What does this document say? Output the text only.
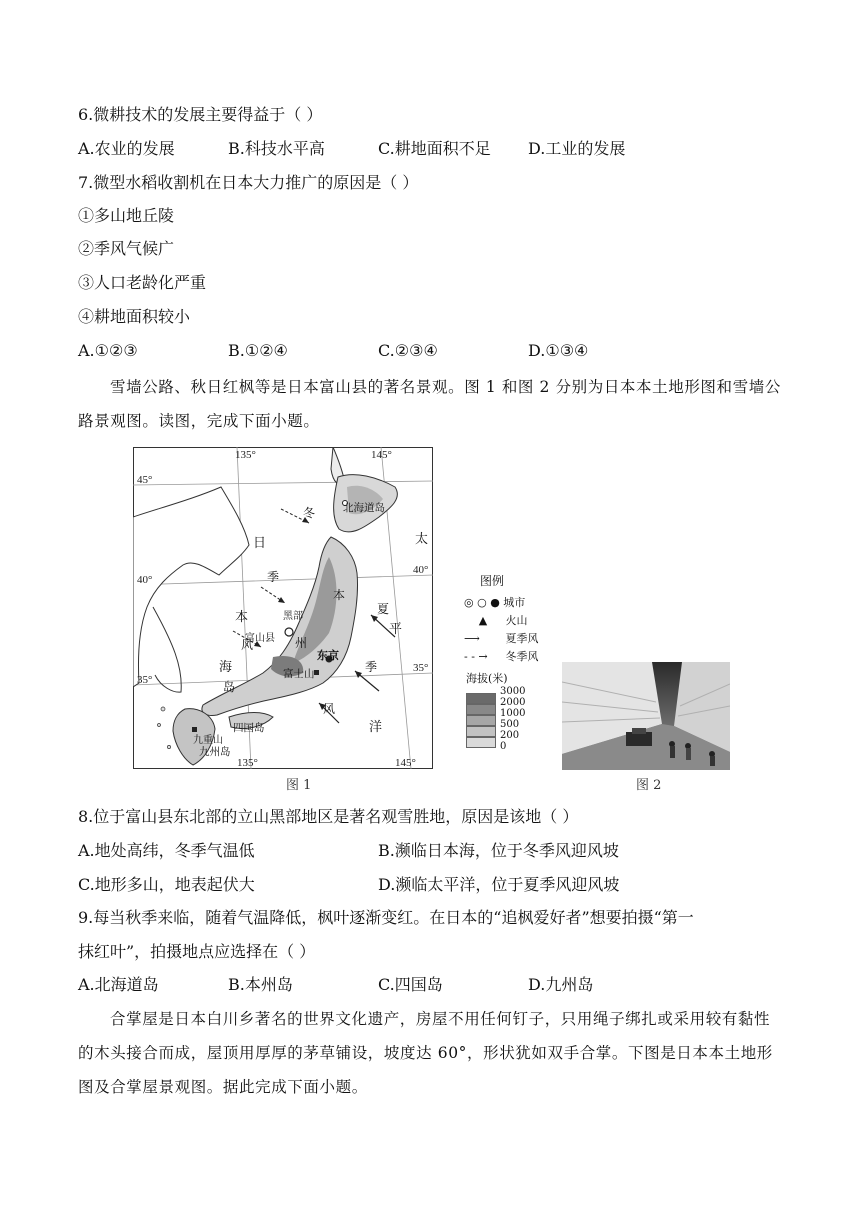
6.微耕技术的发展主要得益于（ ）
A.农业的发展	B.科技水平高	C.耕地面积不足 D.工业的发展
7.微型水稻收割机在日本大力推广的原因是（ ）
①多山地丘陵
②季风气候广
③人口老龄化严重
④耕地面积较小
A.①②③	B.①②④	C.②③④	D.①③④
雪墙公路、秋日红枫等是日本富山县的著名景观。图 1 和图 2 分别为日本本土地形图和雪墙公路景观图。读图，完成下面小题。
135°	145°
135°	145°
45°
40°
40°
35°
35°
日
本
海
太
平
洋
冬
季
风
夏
季
风
北海道岛
本
州
岛
四国岛
九州岛
九重山
富山县
黑部
东京
富士山
图例
◎ ○ ● 城市
▲ 火山
⟶ 夏季风
- - → 冬季风
海拔(米)
3000
2000
1000
500
200
0
图 1	图 2
8.位于富山县东北部的立山黑部地区是著名观雪胜地，原因是该地（ ）
A.地处高纬，冬季气温低	B.濒临日本海，位于冬季风迎风坡
C.地形多山，地表起伏大	D.濒临太平洋，位于夏季风迎风坡
9.每当秋季来临，随着气温降低，枫叶逐渐变红。在日本的“追枫爱好者”想要拍摄“第一
抹红叶”，拍摄地点应选择在（ ）
A.北海道岛	B.本州岛	C.四国岛	D.九州岛
合掌屋是日本白川乡著名的世界文化遗产，房屋不用任何钉子，只用绳子绑扎或采用较有黏性的木头接合而成，屋顶用厚厚的茅草铺设，坡度达 60°，形状犹如双手合掌。下图是日本本土地形图及合掌屋景观图。据此完成下面小题。
